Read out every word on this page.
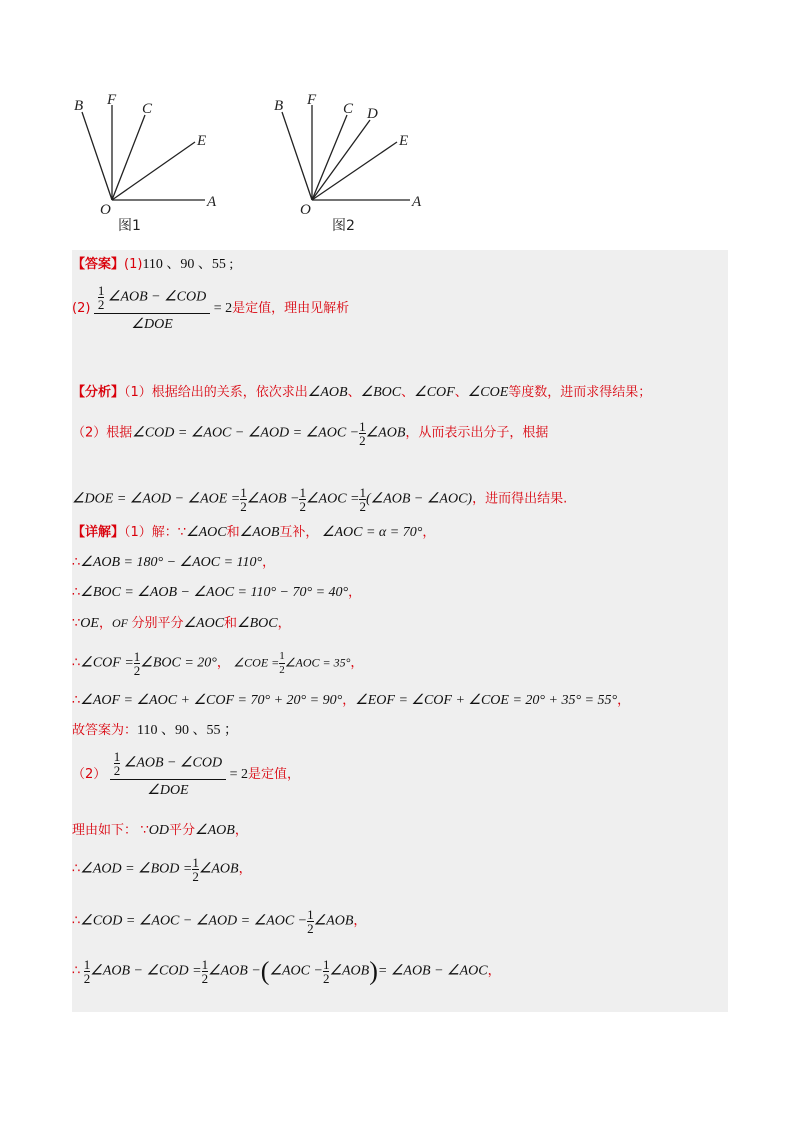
B F
C
E
O	A
图1
B F
C D
E
O	A
图2
【答案】(1)110 、90 、55 ;
$(2) \frac{1}{2}$ ∠AOB − ∠COD
∠DOE
= 2是定值，理由见解析
【分析】（1）根据给出的关系，依次求出∠AOB、∠BOC、∠COF、∠COE等度数，进而求得结果；
（2）根据∠COD = ∠AOC − ∠AOD = ∠AOC − $\frac{1}{2}$ ∠AOB，从而表示出分子，根据
∠DOE = ∠AOD − ∠AOE = $\frac{1}{2}$ ∠AOB − $\frac{1}{2}$ ∠AOC = $\frac{1}{2}$ (∠AOB − ∠AOC)，进而得出结果.
【详解】（1）解：∵∠AOC和∠AOB互补， ∠AOC = α = 70°，
∴∠AOB = 180° − ∠AOC = 110°，
∴∠BOC = ∠AOB − ∠AOC = 110° − 70° = 40°，
∵OE，OF 分别平分∠AOC和∠BOC，
∴∠COF = $\frac{1}{2}$ ∠BOC = 20°， ∠COE = $\frac{1}{2}$ ∠AOC = 35°，
∴∠AOF = ∠AOC + ∠COF = 70° + 20° = 90°，∠EOF = ∠COF + ∠COE = 20° + 35° = 55°，
故答案为：110 、90 、55 ；
$(2) \frac{1}{2}$ ∠AOB − ∠COD
∠DOE
= 2是定值，
理由如下： ∵OD平分∠AOB，
∴∠AOD = ∠BOD = $\frac{1}{2}$ ∠AOB，
∴∠COD = ∠AOC − ∠AOD = ∠AOC − $\frac{1}{2}$ ∠AOB，
∴ $\frac{1}{2}$ ∠AOB − ∠COD = $\frac{1}{2}$ ∠AOB −(∠AOC − $\frac{1}{2}$ ∠AOB)= ∠AOB − ∠AOC，
